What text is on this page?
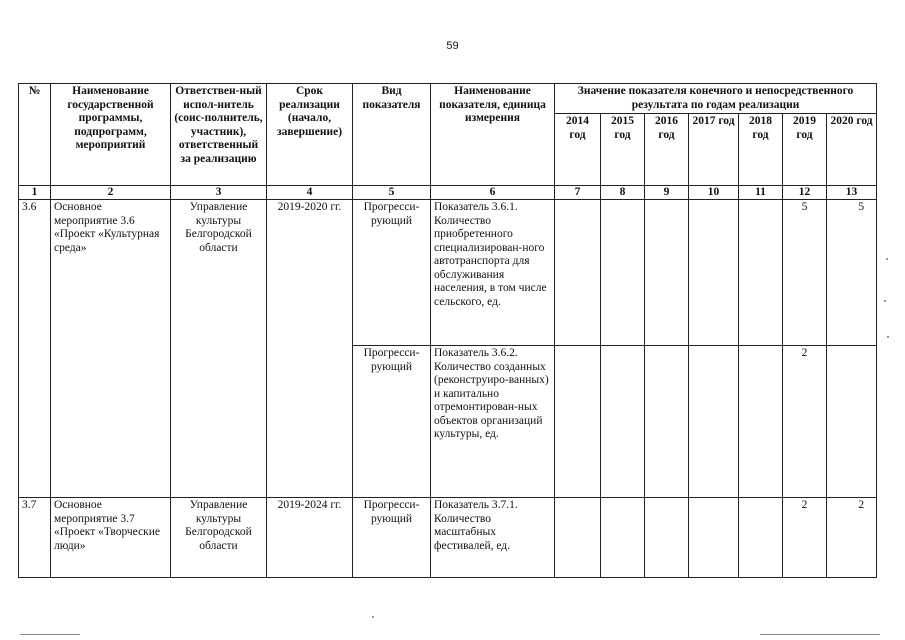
59
№	Наименование государственной программы, подпрограмм, мероприятий	Ответствен-ный испол-нитель (соис-полнитель, участник), ответственный за реализацию	Срок реализации (начало, завершение)	Вид показателя	Наименование показателя, единица измерения	Значение показателя конечного и непосредственного результата по годам реализации						
						2014 год	2015 год	2016 год	2017 год	2018 год	2019 год	2020 год
1	2	3	4	5	6	7	8	9	10	11	12	13
3.6	Основное мероприятие 3.6 «Проект «Культурная среда»	Управление культуры Белгородской области	2019-2020 гг.	Прогресси-рующий	Показатель 3.6.1. Количество приобретенного специализирован-ного автотранспорта для обслуживания населения, в том числе сельского, ед.						5	5
				Прогресси-рующий	Показатель 3.6.2. Количество созданных (реконструиро-ванных) и капитально отремонтирован-ных объектов организаций культуры, ед.						2	
3.7	Основное мероприятие 3.7 «Проект «Творческие люди»	Управление культуры Белгородской области	2019-2024 гг.	Прогресси-рующий	Показатель 3.7.1. Количество масштабных фестивалей, ед.						2	2
